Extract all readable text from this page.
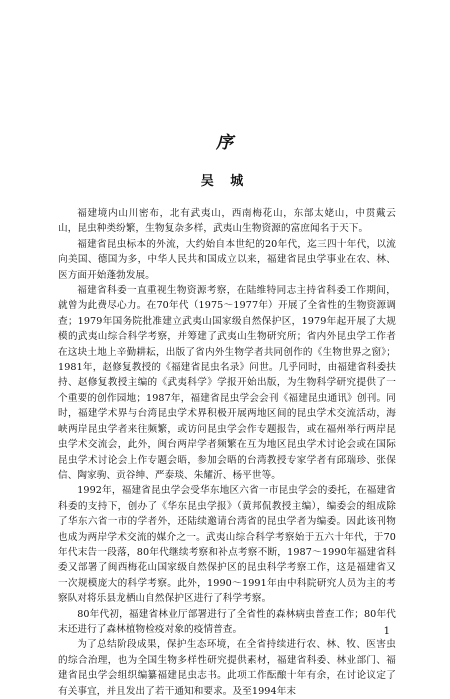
序
吴 城

福建境内山川密布，北有武夷山，西南梅花山，东部太姥山，中贯戴云山，昆虫种类纷繁，生物复杂多样，武夷山生物资源的富庶闻名于天下。

福建省昆虫标本的外流，大约始自本世纪的20年代，迄三四十年代，以流向美国、德国为多，中华人民共和国成立以来，福建省昆虫学事业在农、林、医方面开始蓬勃发展。

福建省科委一直重视生物资源考察，在陆维特同志主持省科委工作期间，就曾为此费尽心力。在70年代（1975～1977年）开展了全省性的生物资源调查；1979年国务院批准建立武夷山国家级自然保护区，1979年起开展了大规模的武夷山综合科学考察，并筹建了武夷山生物研究所；省内外昆虫学工作者在这块土地上辛勤耕耘，出版了省内外生物学者共同创作的《生物世界之窗》；1981年，赵修复教授的《福建省昆虫名录》问世。几乎同时，由福建省科委扶持、赵修复教授主编的《武夷科学》学报开始出版，为生物科学研究提供了一个重要的创作园地；1987年，福建省昆虫学会会刊《福建昆虫通讯》创刊。同时，福建学术界与台湾昆虫学术界积极开展两地区间的昆虫学术交流活动，海峡两岸昆虫学者来往频繁，或访问昆虫学会作专题报告，或在福州举行两岸昆虫学术交流会，此外，闽台两岸学者频繁在互为地区昆虫学术讨论会或在国际昆虫学术讨论会上作专题会晤，参加会晤的台湾教授专家学者有邱瑞珍、张保信、陶家驹、贡谷绅、严泰琰、朱耀沂、杨平世等。

1992年，福建省昆虫学会受华东地区六省一市昆虫学会的委托，在福建省科委的支持下，创办了《华东昆虫学报》（黄邦侃教授主编），编委会的组成除了华东六省一市的学者外，还陆续邀请台湾省的昆虫学者为编委。因此该刊物也成为两岸学术交流的媒介之一。武夷山综合科学考察始于五六十年代，于70年代末告一段落，80年代继续考察和补点考察不断，1987～1990年福建省科委又部署了闽西梅花山国家级自然保护区的昆虫科学考察工作，这是福建省又一次规模庞大的科学考察。此外，1990～1991年由中科院研究人员为主的考察队对将乐县龙栖山自然保护区进行了科学考察。

80年代初，福建省林业厅部署进行了全省性的森林病虫普查工作；80年代末还进行了森林植物检疫对象的疫情普查。

为了总结阶段成果，保护生态环境，在全省持续进行农、林、牧、医害虫的综合治理，也为全国生物多样性研究提供素材，福建省科委、林业部门、福建省昆虫学会组织编纂福建昆虫志书。此项工作酝酿十年有余，在讨论议定了有关事宜，并且发出了若干通知和要求。及至1994年末

1
